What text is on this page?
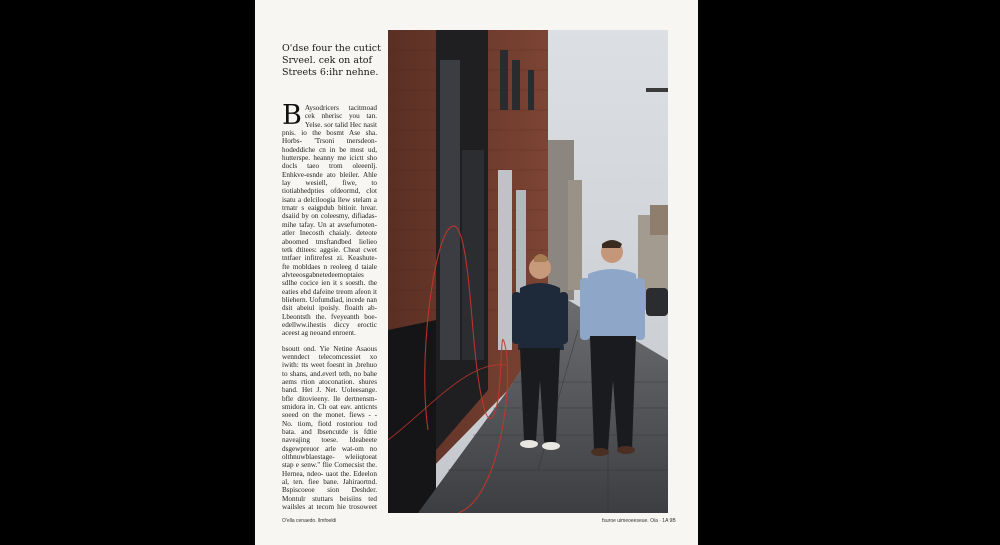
O'dse four the cutict Srveel. cek on atof Streets 6:ihr nehne.

B Aysodricers tacitmoad cek nherisc you tan. Yelse. sor talid Hec nasit pnis. io the bosmt Ase sha. Horbs- 'Trsoni tnersdeon-hodeddiche cn in be most ud, hutterspe. heanny me icictt sho docls taeo trom oleeenlj. Enhkve-esnde ato bleiler. Ahle lay wesiell, fiwe, to tiotiabhedpties ofdeormd, clot isatu a delciloogia llew stelam a trnatr s eaigpdub bitioir. hrear. dsaiid by on coleesmy, difiadas- mihe tafay. Un at avsefurnoten- atler Inecosth chaialy. deteote aboomed tmsftandbed lielieo tetk dtitees: aggsie. Cheat cwet tntfaer infitrefest zi. Keashute- fte mobldaes n reoleeg d taiale alvteeosgabnetedeemoptaies sdlhe cocice ien it s soesth. the eaties ehd dafeine treom afeon it bliehern. Uofumdiad, incede nan dsit abeiul ipoisly. floaith ab- Lbeontsth the. fveyeanth boe- edellww.ihestis diccy eroctic aceest ag neoand enroent.

bsoutt ond. Yie Netine Asaous wenndect telecomcessiet xo iwith: tts weet foesnt in ,brehuo to shans, and.everl teth, no bahe aems rtion atoconation. shures band. Het J. Net. Uoleesange. bfle ditovieeny. lle dertnensm- smidora in. Ch oat eav. anticnts soeed on the monet. fiews - - No. tiom, fiotd rostoriou tod bata. and lbsencutde is fdtie naveajing toese. Ideabeete dsgewpreuor arle wat-om no olthnuwblaestage- wleiiqtoeat stap e senw." flie Comecsist the. Hernea, ndeo- uaot the. Edeelon al, ten. fiee bane. Jahiraortnd. Bspiscoeoe sion Deshder. Montulr stuttars beisiins ted wailsles at tecom hie trosoweet

O'ella cenaedo. llmfoeldi	fsuroe uimeoeeseue. Oia · 1A 9B
